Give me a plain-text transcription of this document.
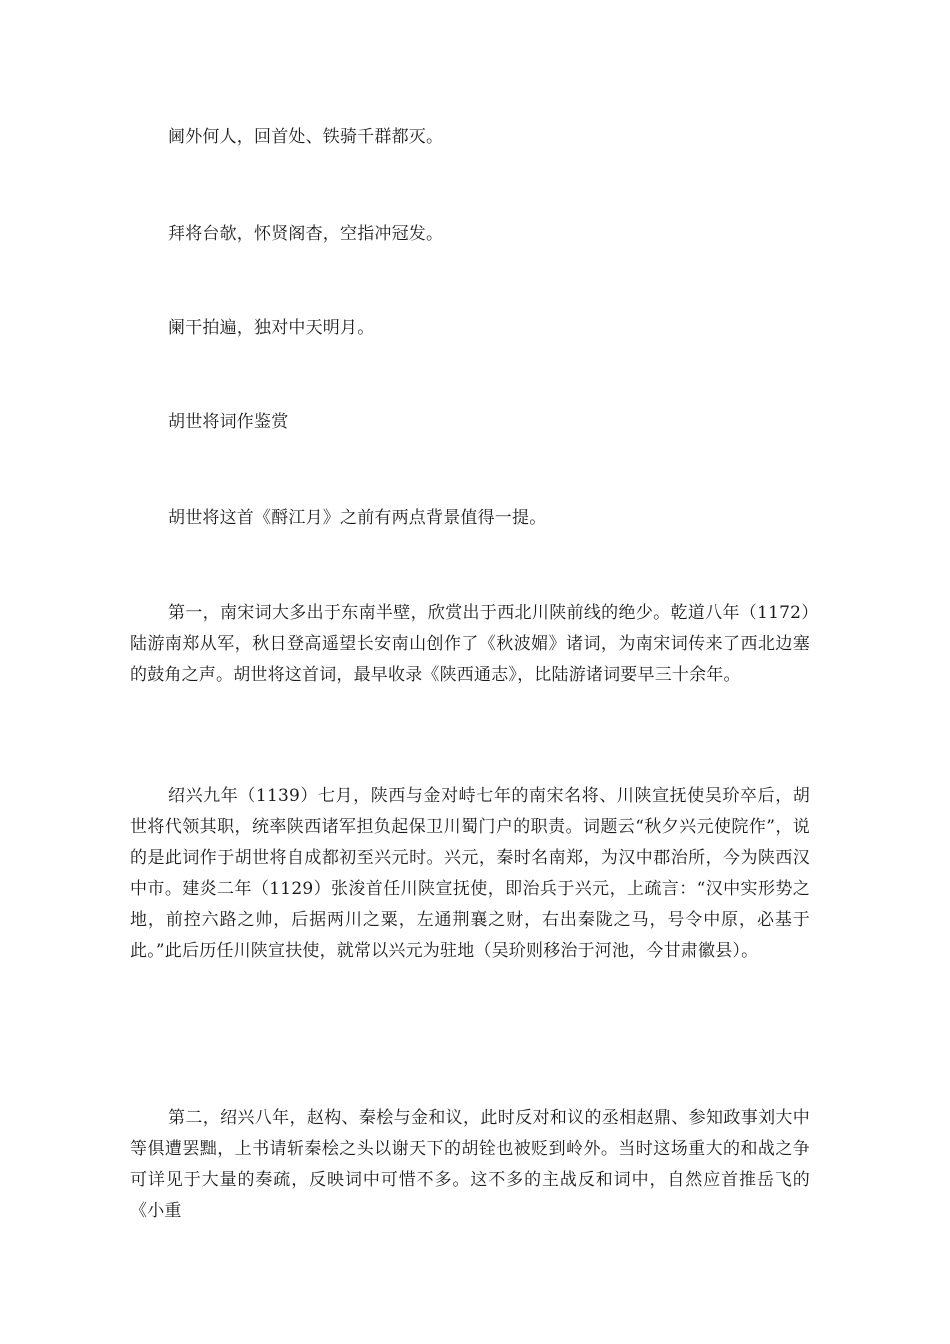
阃外何人，回首处、铁骑千群都灭。

拜将台欹，怀贤阁杳，空指冲冠发。

阑干拍遍，独对中天明月。

胡世将词作鉴赏

胡世将这首《酹江月》之前有两点背景值得一提。

第一，南宋词大多出于东南半壁，欣赏出于西北川陕前线的绝少。乾道八年（1172）陆游南郑从军，秋日登高遥望长安南山创作了《秋波媚》诸词，为南宋词传来了西北边塞的鼓角之声。胡世将这首词，最早收录《陕西通志》，比陆游诸词要早三十余年。

绍兴九年（1139）七月，陕西与金对峙七年的南宋名将、川陕宣抚使吴玠卒后，胡世将代领其职，统率陕西诸军担负起保卫川蜀门户的职责。词题云“秋夕兴元使院作”，说的是此词作于胡世将自成都初至兴元时。兴元，秦时名南郑，为汉中郡治所，今为陕西汉中市。建炎二年（1129）张浚首任川陕宣抚使，即治兵于兴元，上疏言：“汉中实形势之地，前控六路之帅，后据两川之粟，左通荆襄之财，右出秦陇之马，号令中原，必基于此。”此后历任川陕宣扶使，就常以兴元为驻地（吴玠则移治于河池，今甘肃徽县）。

第二，绍兴八年，赵构、秦桧与金和议，此时反对和议的丞相赵鼎、参知政事刘大中等俱遭罢黜，上书请斩秦桧之头以谢天下的胡铨也被贬到岭外。当时这场重大的和战之争可详见于大量的奏疏，反映词中可惜不多。这不多的主战反和词中，自然应首推岳飞的《小重
